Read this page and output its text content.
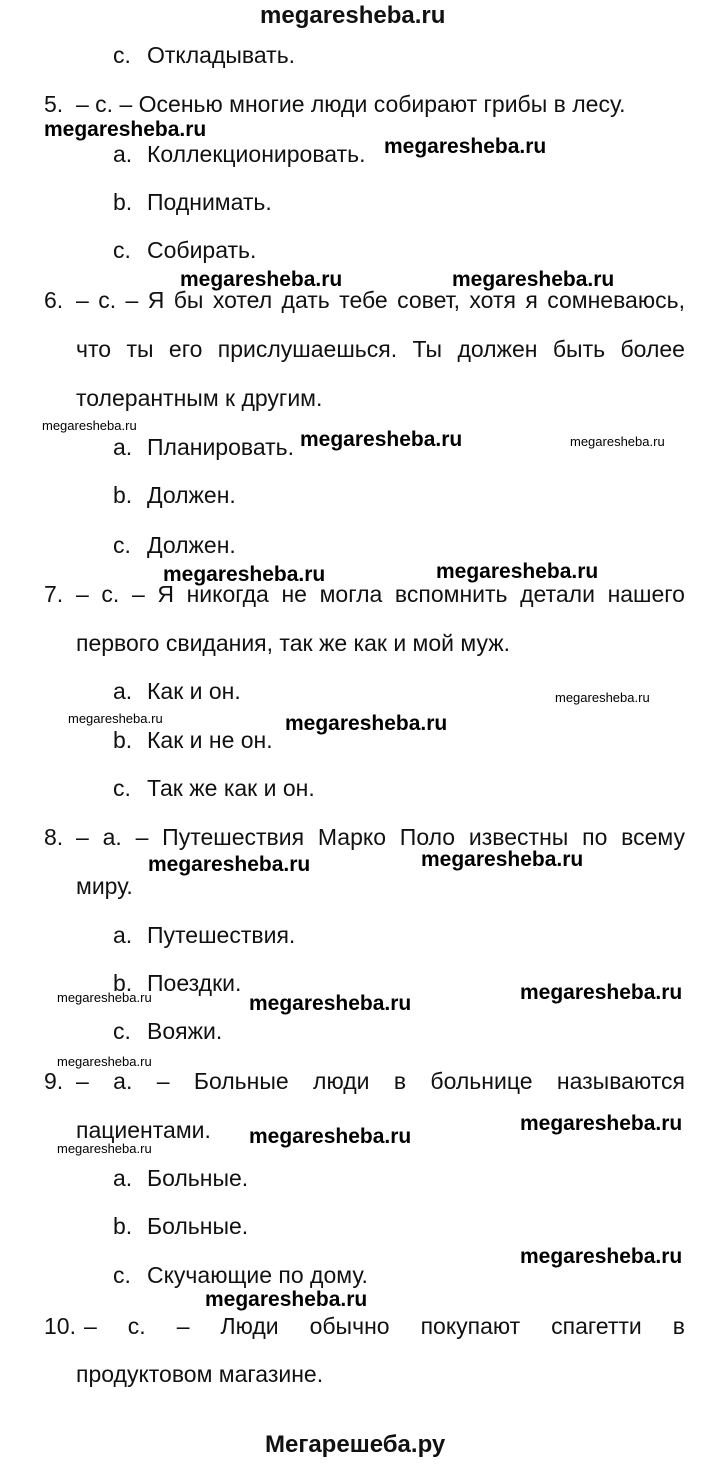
megaresheba.ru
c. Откладывать.
5. – c. – Осенью многие люди собирают грибы в лесу.
a. Коллекционировать.
b. Поднимать.
c. Собирать.
6. – c. – Я бы хотел дать тебе совет, хотя я сомневаюсь,
что ты его прислушаешься. Ты должен быть более
толерантным к другим.
a. Планировать.
b. Должен.
c. Должен.
7. – c. – Я никогда не могла вспомнить детали нашего
первого свидания, так же как и мой муж.
a. Как и он.
b. Как и не он.
c. Так же как и он.
8. – a. – Путешествия Марко Поло известны по всему
миру.
a. Путешествия.
b. Поездки.
c. Вояжи.
9. – a. – Больные люди в больнице называются
пациентами.
a. Больные.
b. Больные.
c. Скучающие по дому.
10. – c. – Люди обычно покупают спагетти в
продуктовом магазине.
megaresheba.ru
megaresheba.ru
megaresheba.ru	megaresheba.ru
megaresheba.ru
megaresheba.ru	megaresheba.ru
megaresheba.ru	megaresheba.ru
megaresheba.ru
megaresheba.ru	megaresheba.ru
megaresheba.ru	megaresheba.ru
megaresheba.ru	megaresheba.ru	megaresheba.ru
megaresheba.ru
megaresheba.ru
megaresheba.ru
megaresheba.ru
megaresheba.ru
megaresheba.ru
Мегарешеба.ру
